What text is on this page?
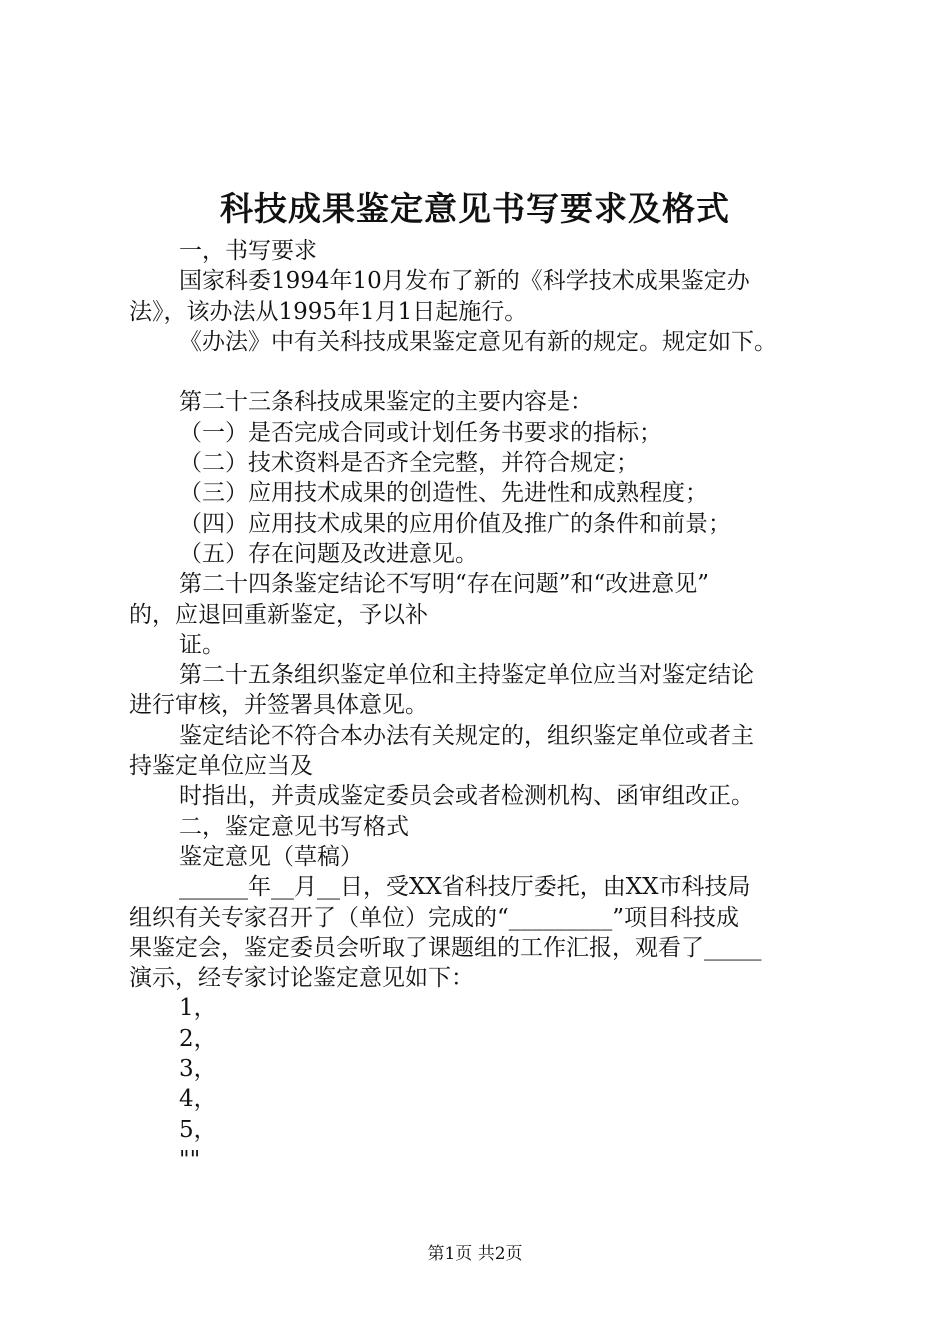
科技成果鉴定意见书写要求及格式
一，书写要求
国家科委1994年10月发布了新的《科学技术成果鉴定办
法》，该办法从1995年1月1日起施行。
《办法》中有关科技成果鉴定意见有新的规定。规定如下。
第二十三条科技成果鉴定的主要内容是：
（一）是否完成合同或计划任务书要求的指标；
（二）技术资料是否齐全完整，并符合规定；
（三）应用技术成果的创造性、先进性和成熟程度；
（四）应用技术成果的应用价值及推广的条件和前景；
（五）存在问题及改进意见。
第二十四条鉴定结论不写明“存在问题”和“改进意见”
的，应退回重新鉴定，予以补
证。
第二十五条组织鉴定单位和主持鉴定单位应当对鉴定结论
进行审核，并签署具体意见。
鉴定结论不符合本办法有关规定的，组织鉴定单位或者主
持鉴定单位应当及
时指出，并责成鉴定委员会或者检测机构、函审组改正。
二，鉴定意见书写格式
鉴定意见（草稿）
______年__月__日，受XX省科技厅委托，由XX市科技局
组织有关专家召开了（单位）完成的“_________”项目科技成
果鉴定会，鉴定委员会听取了课题组的工作汇报，观看了_____
演示，经专家讨论鉴定意见如下：
1，
2，
3，
4，
5，
""
第1页 共2页
